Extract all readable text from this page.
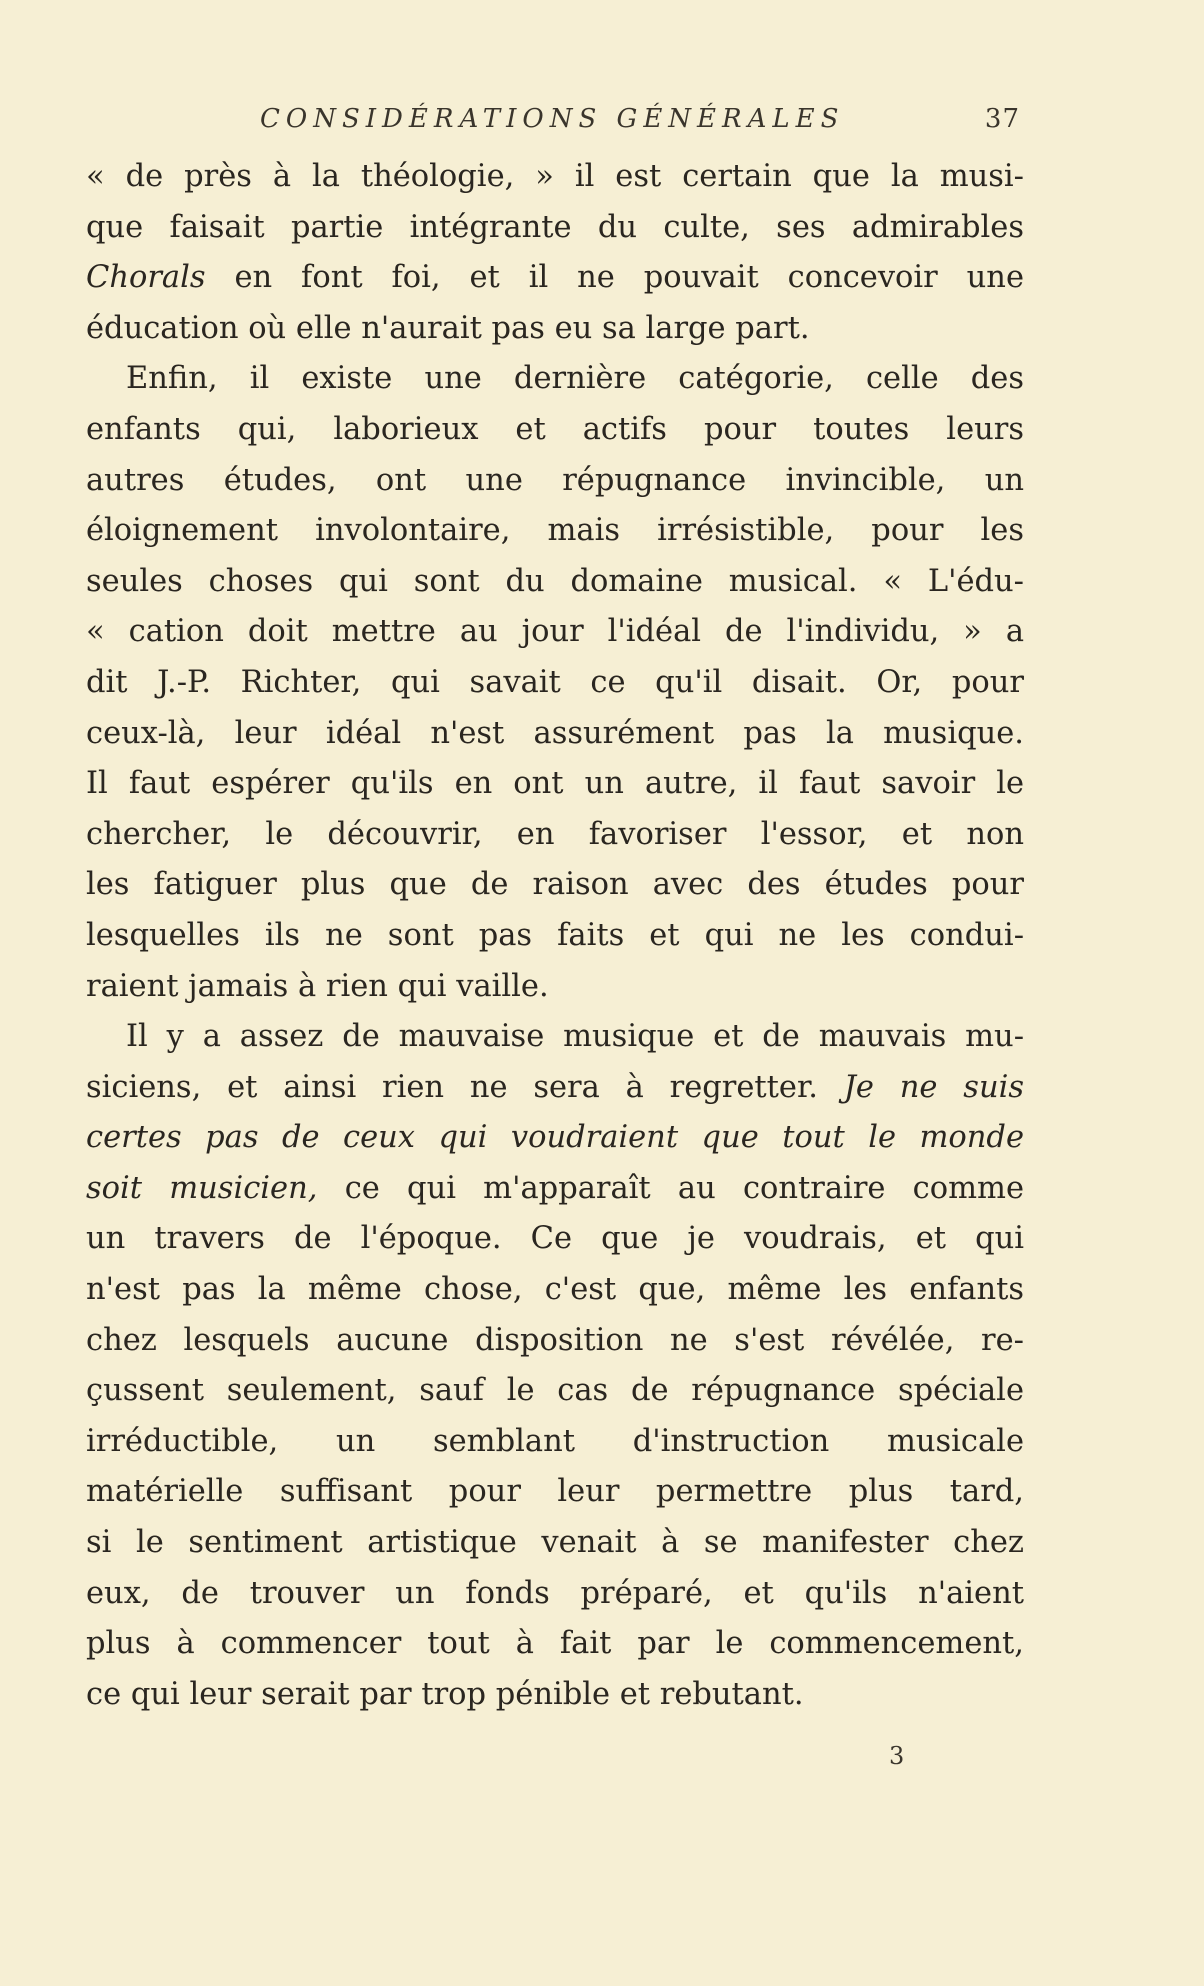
CONSIDÉRATIONS GÉNÉRALES	37
« de près à la théologie, » il est certain que la musi-
que faisait partie intégrante du culte, ses admirables
Chorals en font foi, et il ne pouvait concevoir une
éducation où elle n'aurait pas eu sa large part.
Enfin, il existe une dernière catégorie, celle des
enfants qui, laborieux et actifs pour toutes leurs
autres études, ont une répugnance invincible, un
éloignement involontaire, mais irrésistible, pour les
seules choses qui sont du domaine musical. « L'édu-
« cation doit mettre au jour l'idéal de l'individu, » a
dit J.-P. Richter, qui savait ce qu'il disait. Or, pour
ceux-là, leur idéal n'est assurément pas la musique.
Il faut espérer qu'ils en ont un autre, il faut savoir le
chercher, le découvrir, en favoriser l'essor, et non
les fatiguer plus que de raison avec des études pour
lesquelles ils ne sont pas faits et qui ne les condui-
raient jamais à rien qui vaille.
Il y a assez de mauvaise musique et de mauvais mu-
siciens, et ainsi rien ne sera à regretter. Je ne suis
certes pas de ceux qui voudraient que tout le monde
soit musicien, ce qui m'apparaît au contraire comme
un travers de l'époque. Ce que je voudrais, et qui
n'est pas la même chose, c'est que, même les enfants
chez lesquels aucune disposition ne s'est révélée, re-
çussent seulement, sauf le cas de répugnance spéciale
irréductible, un semblant d'instruction musicale
matérielle suffisant pour leur permettre plus tard,
si le sentiment artistique venait à se manifester chez
eux, de trouver un fonds préparé, et qu'ils n'aient
plus à commencer tout à fait par le commencement,
ce qui leur serait par trop pénible et rebutant.
3
